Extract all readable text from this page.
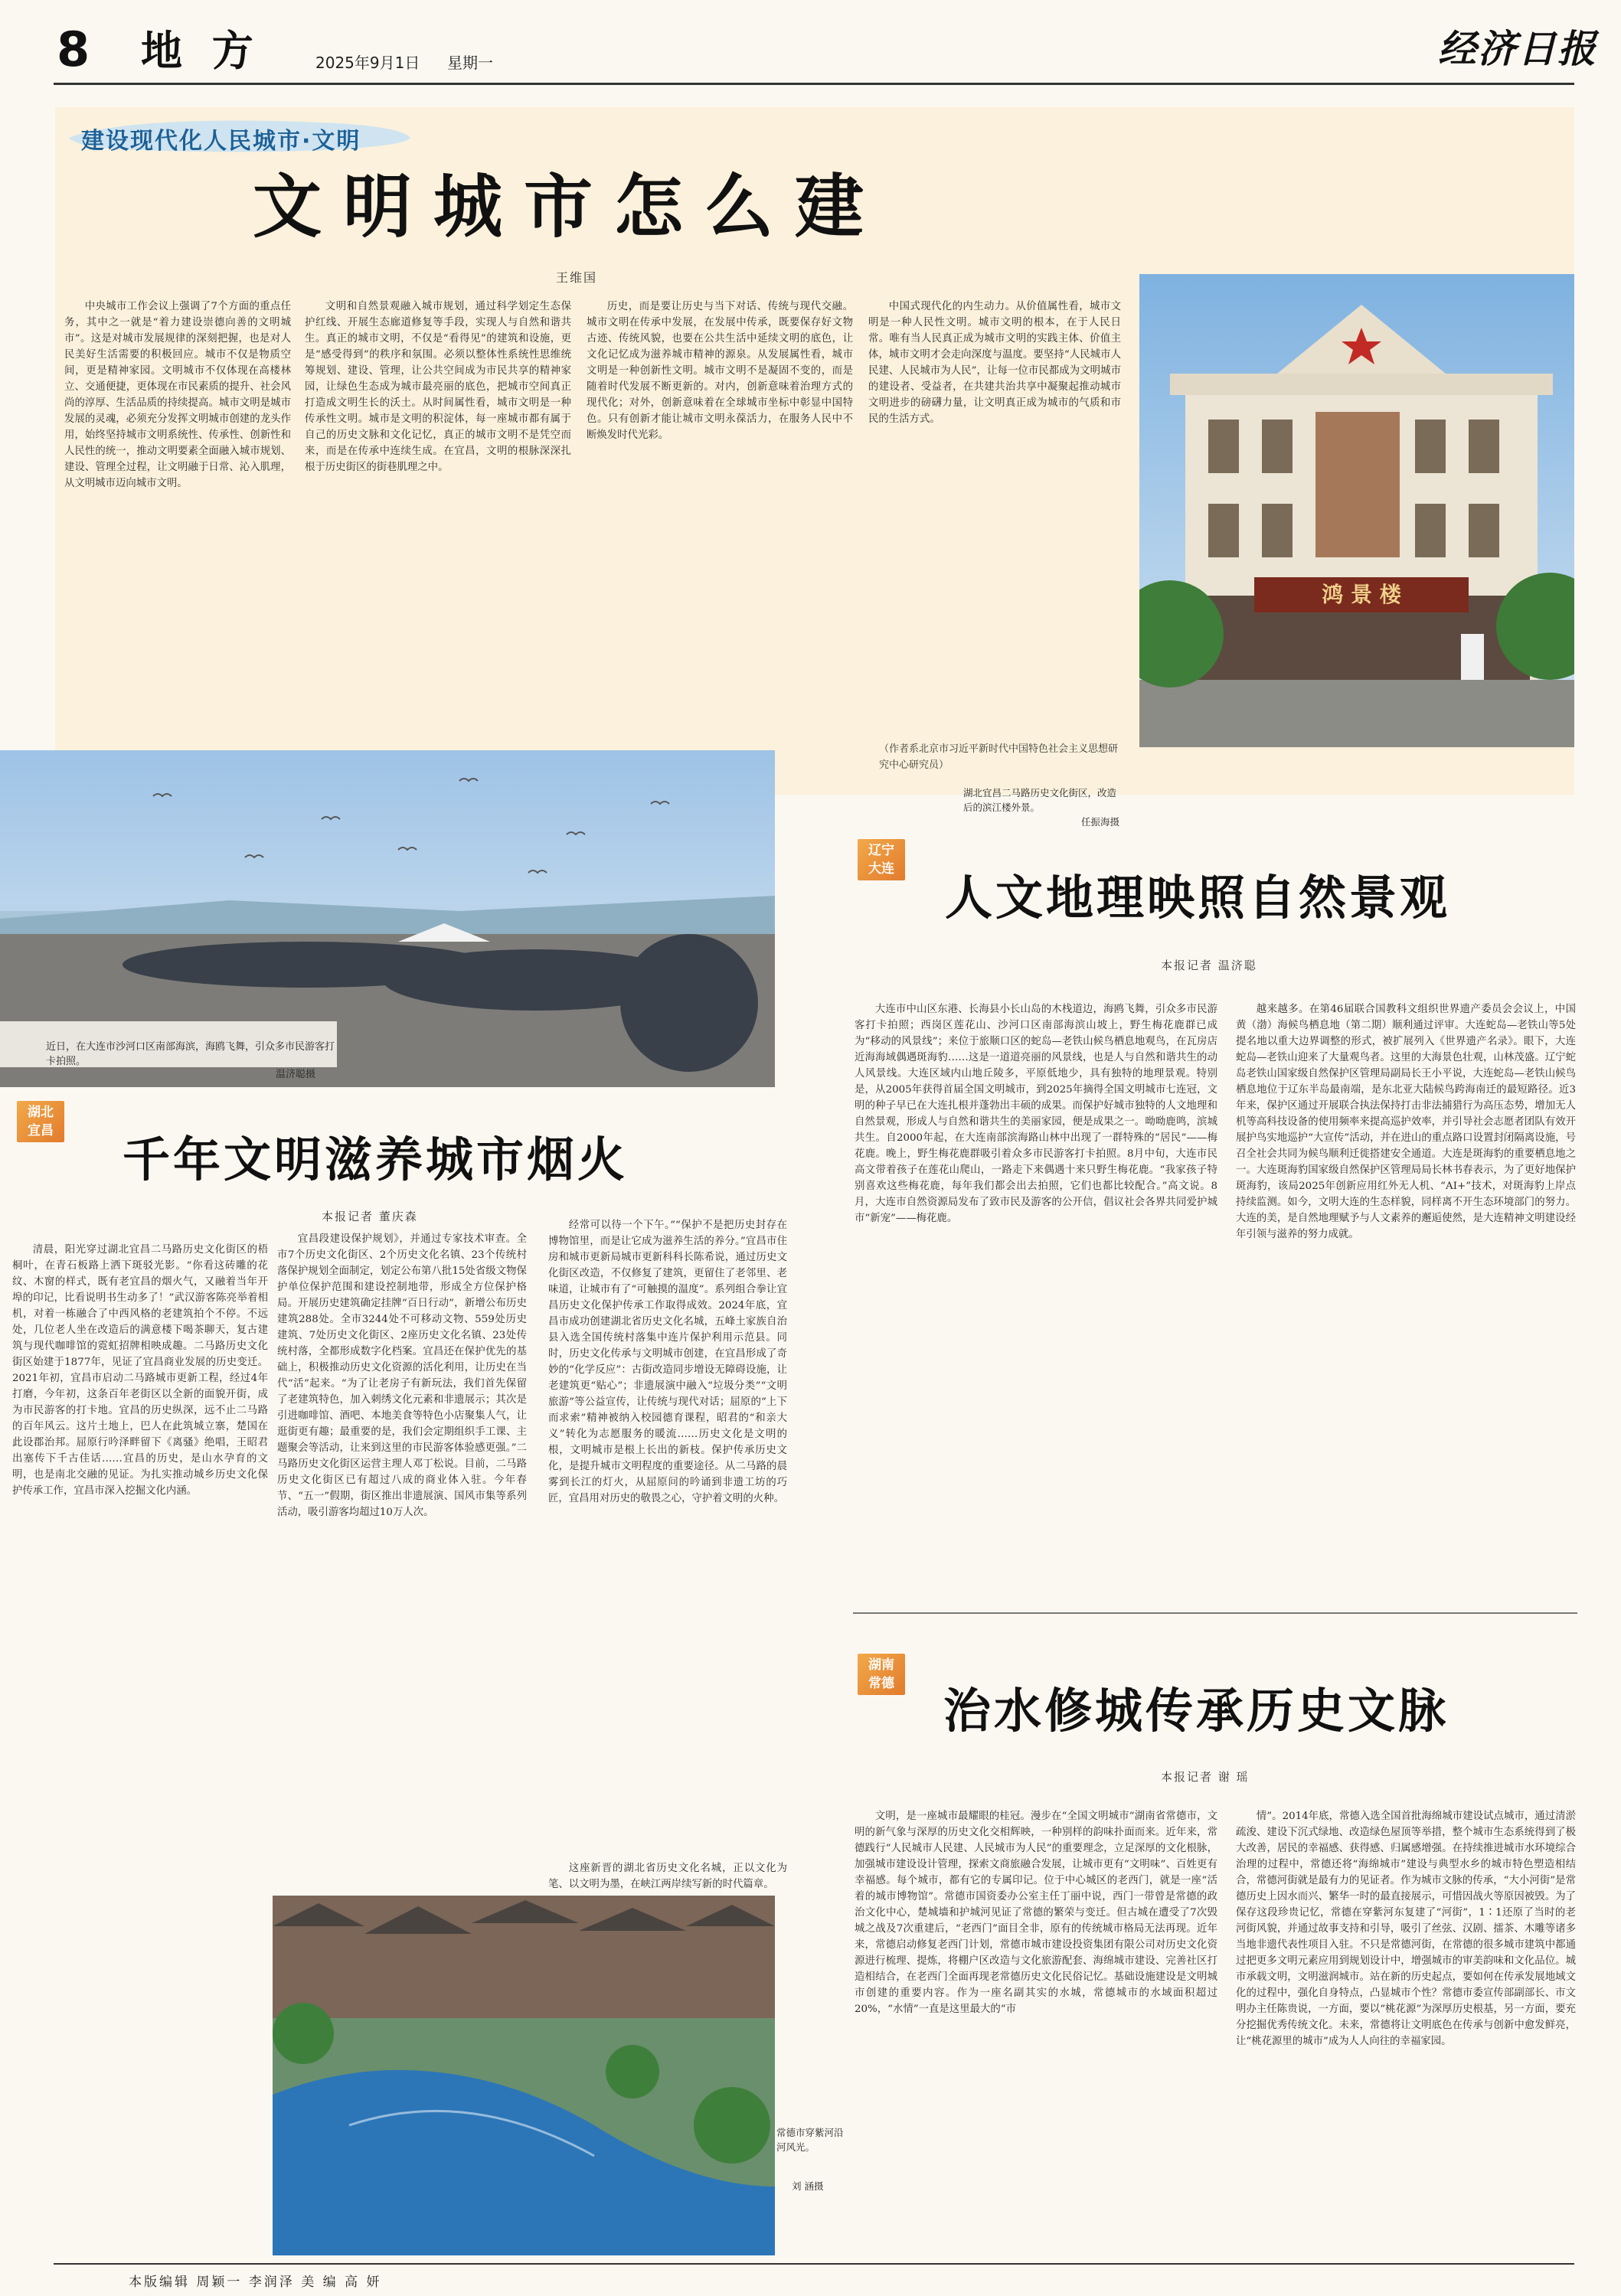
8 地 方	2025年9月1日 星期一	经济日报
建设现代化人民城市·文明
文明城市怎么建
王维国

中央城市工作会议上强调了7个方面的重点任务，其中之一就是“着力建设崇德向善的文明城市”。这是对城市发展规律的深刻把握，也是对人民美好生活需要的积极回应。城市不仅是物质空间，更是精神家园。文明城市不仅体现在高楼林立、交通便捷，更体现在市民素质的提升、社会风尚的淳厚、生活品质的持续提高。城市文明是城市发展的灵魂，必须充分发挥文明城市创建的龙头作用，始终坚持城市文明系统性、传承性、创新性和人民性的统一，推动文明要素全面融入城市规划、建设、管理全过程，让文明融于日常、沁入肌理，从文明城市迈向城市文明。

文明和自然景观融入城市规划，通过科学划定生态保护红线、开展生态廊道修复等手段，实现人与自然和谐共生。真正的城市文明，不仅是“看得见”的建筑和设施，更是“感受得到”的秩序和氛围。必须以整体性系统性思维统筹规划、建设、管理，让公共空间成为市民共享的精神家园，让绿色生态成为城市最亮丽的底色，把城市空间真正打造成文明生长的沃土。从时间属性看，城市文明是一种传承性文明。城市是文明的积淀体，每一座城市都有属于自己的历史文脉和文化记忆，真正的城市文明不是凭空而来，而是在传承中连续生成。在宜昌，文明的根脉深深扎根于历史街区的街巷肌理之中。

历史，而是要让历史与当下对话、传统与现代交融。城市文明在传承中发展，在发展中传承，既要保存好文物古迹、传统风貌，也要在公共生活中延续文明的底色，让文化记忆成为滋养城市精神的源泉。从发展属性看，城市文明是一种创新性文明。城市文明不是凝固不变的，而是随着时代发展不断更新的。对内，创新意味着治理方式的现代化；对外，创新意味着在全球城市坐标中彰显中国特色。只有创新才能让城市文明永葆活力，在服务人民中不断焕发时代光彩。

中国式现代化的内生动力。从价值属性看，城市文明是一种人民性文明。城市文明的根本，在于人民日常。唯有当人民真正成为城市文明的实践主体、价值主体，城市文明才会走向深度与温度。要坚持“人民城市人民建、人民城市为人民”，让每一位市民都成为文明城市的建设者、受益者，在共建共治共享中凝聚起推动城市文明进步的磅礴力量，让文明真正成为城市的气质和市民的生活方式。

（作者系北京市习近平新时代中国特色社会主义思想研究中心研究员）
鸿 景 楼
湖北宜昌二马路历史文化街区，改造后的滨江楼外景。
任振海摄
近日，在大连市沙河口区南部海滨，海鸥飞舞，引众多市民游客打卡拍照。
温济聪摄
湖北
宜昌
千年文明滋养城市烟火
本报记者 董庆森

清晨，阳光穿过湖北宜昌二马路历史文化街区的梧桐叶，在青石板路上洒下斑驳光影。“你看这砖雕的花纹、木窗的样式，既有老宜昌的烟火气，又融着当年开埠的印记，比看说明书生动多了！”武汉游客陈亮举着相机，对着一栋融合了中西风格的老建筑拍个不停。不远处，几位老人坐在改造后的满意楼下喝茶聊天，复古建筑与现代咖啡馆的霓虹招牌相映成趣。二马路历史文化街区始建于1877年，见证了宜昌商业发展的历史变迁。2021年初，宜昌市启动二马路城市更新工程，经过4年打磨，今年初，这条百年老街区以全新的面貌开街，成为市民游客的打卡地。宜昌的历史纵深，远不止二马路的百年风云。这片土地上，巴人在此筑城立寨，楚国在此设郡治邦。屈原行吟泽畔留下《离骚》绝唱，王昭君出塞传下千古佳话……宜昌的历史，是山水孕育的文明，也是南北交融的见证。为扎实推动城乡历史文化保护传承工作，宜昌市深入挖掘文化内涵。

宜昌段建设保护规划》，并通过专家技术审查。全市7个历史文化街区、2个历史文化名镇、23个传统村落保护规划全面制定，划定公布第八批15处省级文物保护单位保护范围和建设控制地带，形成全方位保护格局。开展历史建筑确定挂牌“百日行动”，新增公布历史建筑288处。全市3244处不可移动文物、559处历史建筑、7处历史文化街区、2座历史文化名镇、23处传统村落，全都形成数字化档案。宜昌还在保护优先的基础上，积极推动历史文化资源的活化利用，让历史在当代“活”起来。“为了让老房子有新玩法，我们首先保留了老建筑特色，加入刺绣文化元素和非遗展示；其次是引进咖啡馆、酒吧、本地美食等特色小店聚集人气，让逛街更有趣；最重要的是，我们会定期组织手工课、主题聚会等活动，让来到这里的市民游客体验感更强。”二马路历史文化街区运营主理人邓丁松说。目前，二马路历史文化街区已有超过八成的商业体入驻。今年春节、“五一”假期，街区推出非遗展演、国风市集等系列活动，吸引游客均超过10万人次。

经常可以待一个下午。”“保护不是把历史封存在博物馆里，而是让它成为滋养生活的养分。”宜昌市住房和城市更新局城市更新科科长陈希说，通过历史文化街区改造，不仅修复了建筑，更留住了老邻里、老味道，让城市有了“可触摸的温度”。系列组合拳让宜昌历史文化保护传承工作取得成效。2024年底，宜昌市成功创建湖北省历史文化名城，五峰土家族自治县入选全国传统村落集中连片保护利用示范县。同时，历史文化传承与文明城市创建，在宜昌形成了奇妙的“化学反应”：古街改造同步增设无障碍设施，让老建筑更“贴心”；非遗展演中融入“垃圾分类”“文明旅游”等公益宣传，让传统与现代对话；屈原的“上下而求索”精神被纳入校园德育课程，昭君的“和亲大义”转化为志愿服务的暖流……历史文化是文明的根，文明城市是根上长出的新枝。保护传承历史文化，是提升城市文明程度的重要途径。从二马路的晨雾到长江的灯火，从屈原问的吟诵到非遗工坊的巧匠，宜昌用对历史的敬畏之心，守护着文明的火种。

这座新晋的湖北省历史文化名城，正以文化为笔、以文明为墨，在峡江两岸续写新的时代篇章。

常德市穿紫河沿河风光。
刘 涵摄
辽宁
大连
人文地理映照自然景观
本报记者 温济聪

大连市中山区东港、长海县小长山岛的木栈道边，海鸥飞舞，引众多市民游客打卡拍照；西岗区莲花山、沙河口区南部海滨山坡上，野生梅花鹿群已成为“移动的风景线”；来位于旅顺口区的蛇岛—老铁山候鸟栖息地观鸟，在瓦房店近海海域偶遇斑海豹……这是一道道亮丽的风景线，也是人与自然和谐共生的动人风景线。大连区域内山地丘陵多，平原低地少，具有独特的地理景观。特别是，从2005年获得首届全国文明城市，到2025年摘得全国文明城市七连冠，文明的种子早已在大连扎根并蓬勃出丰硕的成果。而保护好城市独特的人文地理和自然景观，形成人与自然和谐共生的美丽家园，便是成果之一。呦呦鹿鸣，滨城共生。自2000年起，在大连南部滨海路山林中出现了一群特殊的“居民”——梅花鹿。晚上，野生梅花鹿群吸引着众多市民游客打卡拍照。8月中旬，大连市民高文带着孩子在莲花山爬山，一路走下来偶遇十来只野生梅花鹿。“我家孩子特别喜欢这些梅花鹿，每年我们都会出去拍照，它们也都比较配合。”高文说。8月，大连市自然资源局发布了致市民及游客的公开信，倡议社会各界共同爱护城市“新宠”——梅花鹿。

越来越多。在第46届联合国教科文组织世界遗产委员会会议上，中国黄（渤）海候鸟栖息地（第二期）顺利通过评审。大连蛇岛—老铁山等5处提名地以重大边界调整的形式，被扩展列入《世界遗产名录》。眼下，大连蛇岛—老铁山迎来了大量观鸟者。这里的大海景色壮观，山林茂盛。辽宁蛇岛老铁山国家级自然保护区管理局副局长王小平说，大连蛇岛—老铁山候鸟栖息地位于辽东半岛最南端，是东北亚大陆候鸟跨海南迁的最短路径。近3年来，保护区通过开展联合执法保持打击非法捕猎行为高压态势，增加无人机等高科技设备的使用频率来提高巡护效率，并引导社会志愿者团队有效开展护鸟实地巡护“大宣传”活动，并在进山的重点路口设置封闭隔离设施，号召全社会共同为候鸟顺利迁徙搭建安全通道。大连是斑海豹的重要栖息地之一。大连斑海豹国家级自然保护区管理局局长林书春表示，为了更好地保护斑海豹，该局2025年创新应用红外无人机、“AI+”技术，对斑海豹上岸点持续监测。如今，文明大连的生态样貌，同样离不开生态环境部门的努力。大连的美，是自然地理赋予与人文素养的邂逅使然，是大连精神文明建设经年引领与滋养的努力成就。

湖南
常德 治水修城传承历史文脉
本报记者 谢 瑶

文明，是一座城市最耀眼的桂冠。漫步在“全国文明城市”湖南省常德市，文明的新气象与深厚的历史文化交相辉映，一种别样的韵味扑面而来。近年来，常德践行“人民城市人民建、人民城市为人民”的重要理念，立足深厚的文化根脉，加强城市建设设计管理，探索文商旅融合发展，让城市更有“文明味”、百姓更有幸福感。每个城市，都有它的专属印记。位于中心城区的老西门，就是一座“活着的城市博物馆”。常德市国资委办公室主任丁丽中说，西门一带曾是常德的政治文化中心，楚城墙和护城河见证了常德的繁荣与变迁。但古城在遭受了7次毁城之战及7次重建后，“老西门”面目全非，原有的传统城市格局无法再现。近年来，常德启动修复老西门计划，常德市城市建设投资集团有限公司对历史文化资源进行梳理、提炼，将棚户区改造与文化旅游配套、海绵城市建设、完善社区打造相结合，在老西门全面再现老常德历史文化民俗记忆。基础设施建设是文明城市创建的重要内容。作为一座名副其实的水城，常德城市的水域面积超过20%，“水情”一直是这里最大的“市

情”。2014年底，常德入选全国首批海绵城市建设试点城市，通过清淤疏浚、建设下沉式绿地、改造绿色屋顶等举措，整个城市生态系统得到了极大改善，居民的幸福感、获得感、归属感增强。在持续推进城市水环境综合治理的过程中，常德还将“海绵城市”建设与典型水乡的城市特色塑造相结合，常德河街就是最有力的见证者。作为城市文脉的传承，“大小河街”是常德历史上因水而兴、繁华一时的最直接展示，可惜因战火等原因被毁。为了保存这段珍贵记忆，常德在穿紫河东复建了“河街”，1∶1还原了当时的老河街风貌，并通过故事支持和引导，吸引了丝弦、汉剧、擂茶、木雕等诸多当地非遗代表性项目入驻。不只是常德河街，在常德的很多城市建筑中都通过把更多文明元素应用到规划设计中，增强城市的审美韵味和文化品位。城市承载文明，文明滋润城市。站在新的历史起点，要如何在传承发展地域文化的过程中，强化自身特点，凸显城市个性？常德市委宣传部副部长、市文明办主任陈贵说，一方面，要以“桃花源”为深厚历史根基，另一方面，要充分挖掘优秀传统文化。未来，常德将让文明底色在传承与创新中愈发鲜亮，让“桃花源里的城市”成为人人向往的幸福家园。

本版编辑 周颖一 李润泽 美 编 高 妍
